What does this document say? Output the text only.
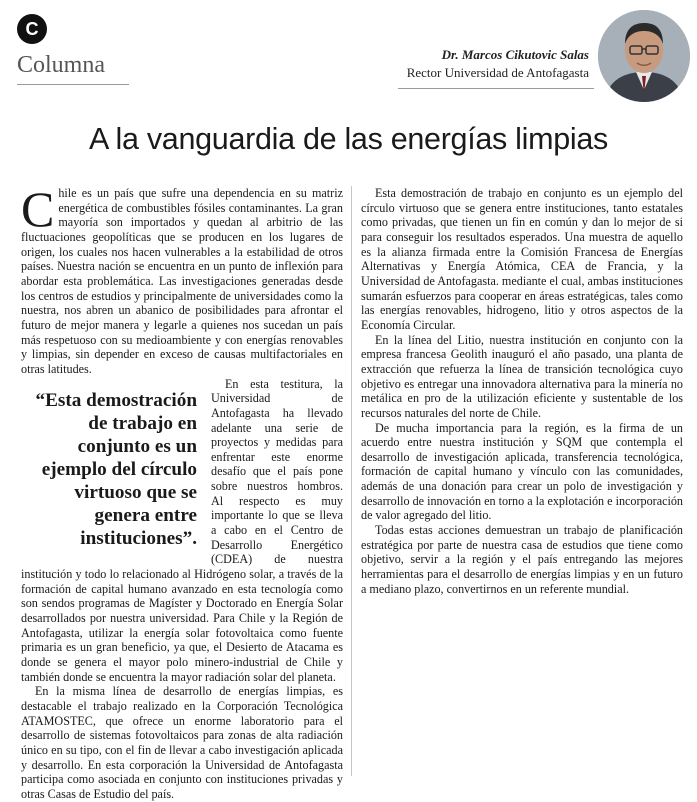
C
Columna	Dr. Marcos Cikutovic Salas
Rector Universidad de Antofagasta
A la vanguardia de las energías limpias

Chile es un país que sufre una dependencia en su matriz energética de combustibles fósiles contaminantes. La gran mayoría son importados y quedan al arbitrio de las fluctuaciones geopolíticas que se producen en los lugares de origen, los cuales nos hacen vulnerables a la estabilidad de otros países. Nuestra nación se encuentra en un punto de inflexión para abordar esta problemática. Las investigaciones generadas desde los centros de estudios y principalmente de universidades como la nuestra, nos abren un abanico de posibilidades para afrontar el futuro de mejor manera y legarle a quienes nos sucedan un país más respetuoso con su medioambiente y con energías renovables y limpias, sin depender en exceso de causas multifactoriales en otras latitudes.

“Esta demostración de trabajo en conjunto es un ejemplo del círculo virtuoso que se genera entre instituciones”.

En esta testitura, la Universidad de Antofagasta ha llevado adelante una serie de proyectos y medidas para enfrentar este enorme desafío que el país pone sobre nuestros hombros. Al respecto es muy importante lo que se lleva a cabo en el Centro de Desarrollo Energético (CDEA) de nuestra institución y todo lo relacionado al Hidrógeno solar, a través de la formación de capital humano avanzado en esta tecnología como son sendos programas de Magíster y Doctorado en Energía Solar desarrollados por nuestra universidad. Para Chile y la Región de Antofagasta, utilizar la energía solar fotovoltaica como fuente primaria es un gran beneficio, ya que, el Desierto de Atacama es donde se genera el mayor polo minero-industrial de Chile y también donde se encuentra la mayor radiación solar del planeta.

En la misma línea de desarrollo de energías limpias, es destacable el trabajo realizado en la Corporación Tecnológica ATAMOSTEC, que ofrece un enorme laboratorio para el desarrollo de sistemas fotovoltaicos para zonas de alta radiación único en su tipo, con el fin de llevar a cabo investigación aplicada y desarrollo. En esta corporación la Universidad de Antofagasta participa como asociada en conjunto con instituciones privadas y otras Casas de Estudio del país.

Esta demostración de trabajo en conjunto es un ejemplo del círculo virtuoso que se genera entre instituciones, tanto estatales como privadas, que tienen un fin en común y dan lo mejor de si para conseguir los resultados esperados. Una muestra de aquello es la alianza firmada entre la Comisión Francesa de Energías Alternativas y Energía Atómica, CEA de Francia, y la Universidad de Antofagasta. mediante el cual, ambas instituciones sumarán esfuerzos para cooperar en áreas estratégicas, tales como las energías renovables, hidrogeno, litio y otros aspectos de la Economía Circular.

En la línea del Litio, nuestra institución en conjunto con la empresa francesa Geolith inauguró el año pasado, una planta de extracción que refuerza la línea de transición tecnológica cuyo objetivo es entregar una innovadora alternativa para la minería no metálica en pro de la utilización eficiente y sustentable de los recursos naturales del norte de Chile.

De mucha importancia para la región, es la firma de un acuerdo entre nuestra institución y SQM que contempla el desarrollo de investigación aplicada, transferencia tecnológica, formación de capital humano y vínculo con las comunidades, además de una donación para crear un polo de investigación y desarrollo de innovación en torno a la explotación e incorporación de valor agregado del litio.

Todas estas acciones demuestran un trabajo de planificación estratégica por parte de nuestra casa de estudios que tiene como objetivo, servir a la región y el país entregando las mejores herramientas para el desarrollo de energías limpias y en un futuro a mediano plazo, convertirnos en un referente mundial.
